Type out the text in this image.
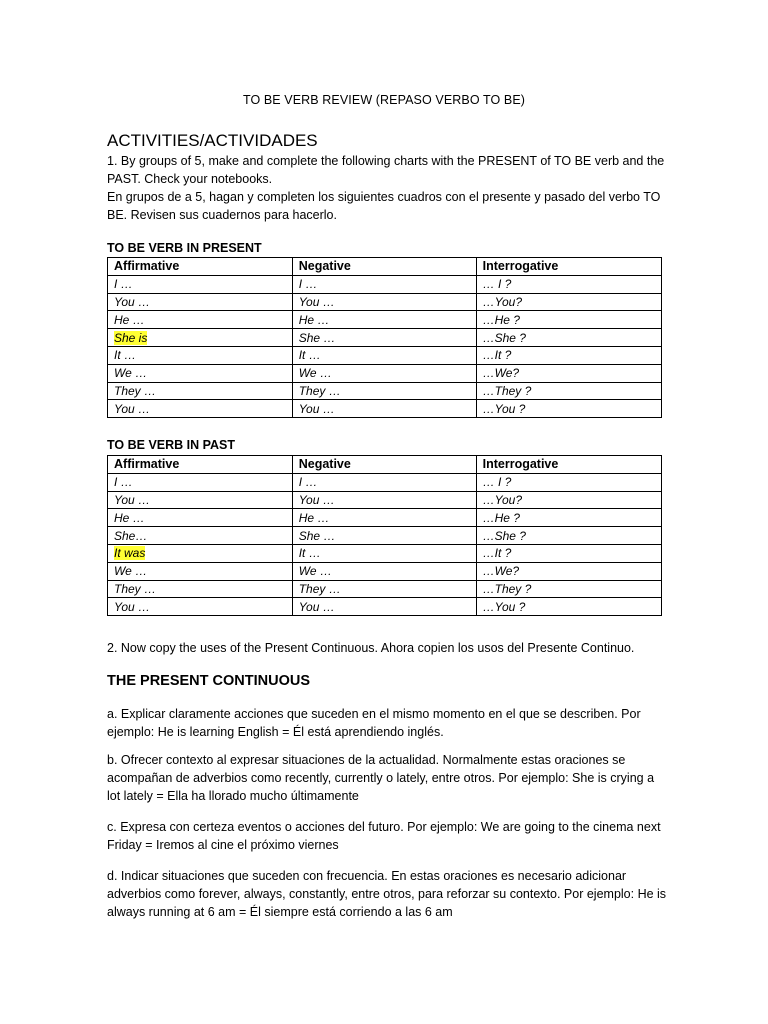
TO BE VERB REVIEW (REPASO VERBO TO BE)
ACTIVITIES/ACTIVIDADES
1. By groups of 5, make and complete the following charts with the PRESENT of TO BE verb and the PAST. Check your notebooks.
En grupos de a 5, hagan y completen los siguientes cuadros con el presente y pasado del verbo TO BE. Revisen sus cuadernos para hacerlo.
TO BE VERB IN PRESENT
Affirmative	Negative	Interrogative
I …	I …	… I ?
You …	You …	…You?
He …	He …	…He ?
She is	She …	…She ?
It …	It …	…It ?
We …	We …	…We?
They …	They …	…They ?
You …	You …	…You ?
TO BE VERB IN PAST
Affirmative	Negative	Interrogative
I …	I …	… I ?
You …	You …	…You?
He …	He …	…He ?
She…	She …	…She ?
It was	It …	…It ?
We …	We …	…We?
They …	They …	…They ?
You …	You …	…You ?
2. Now copy the uses of the Present Continuous. Ahora copien los usos del Presente Continuo.
THE PRESENT CONTINUOUS
a. Explicar claramente acciones que suceden en el mismo momento en el que se describen. Por ejemplo: He is learning English = Él está aprendiendo inglés.
b. Ofrecer contexto al expresar situaciones de la actualidad. Normalmente estas oraciones se acompañan de adverbios como recently, currently o lately, entre otros. Por ejemplo: She is crying a lot lately = Ella ha llorado mucho últimamente
c. Expresa con certeza eventos o acciones del futuro. Por ejemplo: We are going to the cinema next Friday = Iremos al cine el próximo viernes
d. Indicar situaciones que suceden con frecuencia. En estas oraciones es necesario adicionar adverbios como forever, always, constantly, entre otros, para reforzar su contexto. Por ejemplo: He is always running at 6 am = Él siempre está corriendo a las 6 am
